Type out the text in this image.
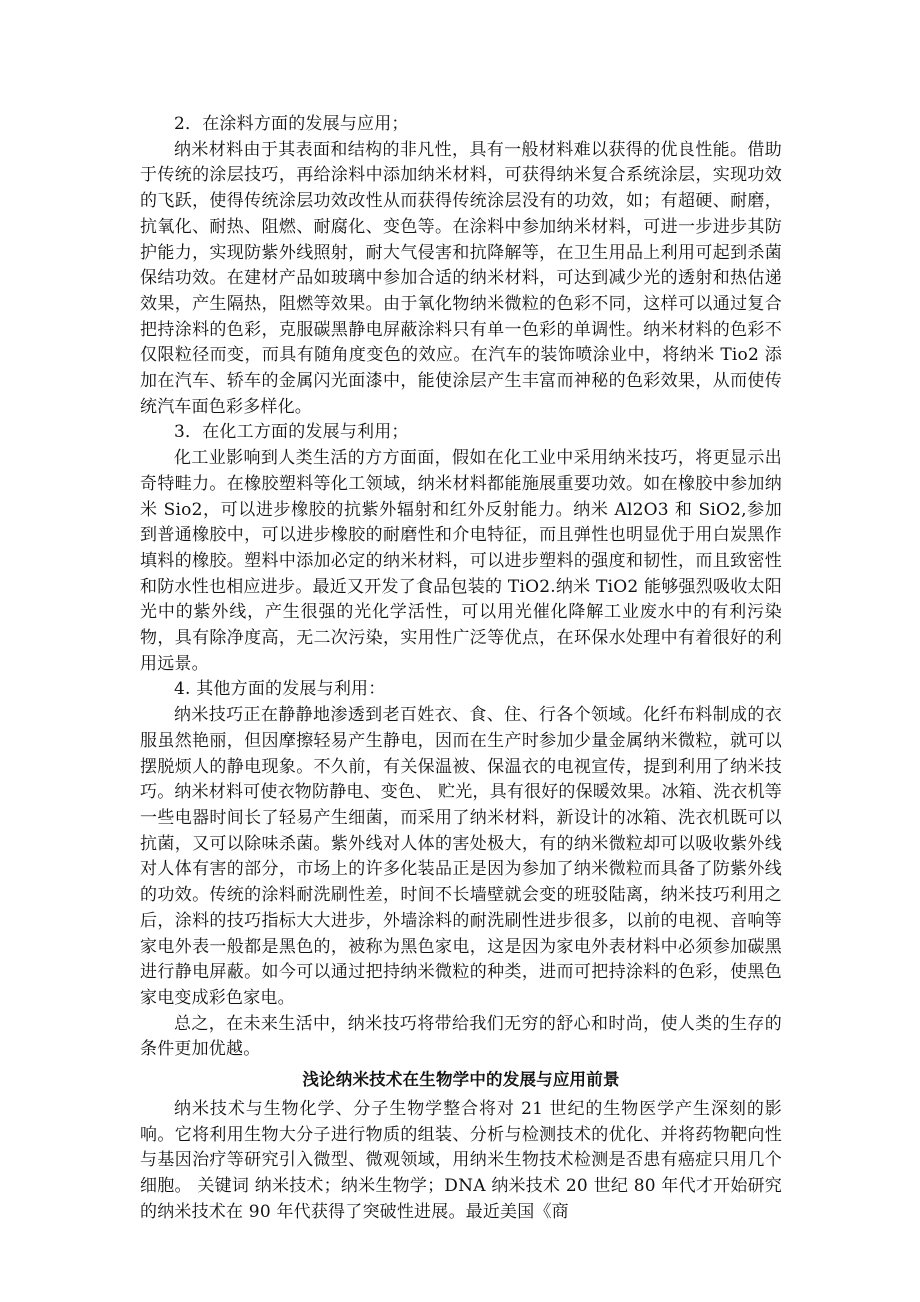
2．在涂料方面的发展与应用；

纳米材料由于其表面和结构的非凡性，具有一般材料难以获得的优良性能。借助于传统的涂层技巧，再给涂料中添加纳米材料，可获得纳米复合系统涂层，实现功效的飞跃，使得传统涂层功效改性从而获得传统涂层没有的功效，如；有超硬、耐磨，抗氧化、耐热、阻燃、耐腐化、变色等。在涂料中参加纳米材料，可进一步进步其防护能力，实现防紫外线照射，耐大气侵害和抗降解等，在卫生用品上利用可起到杀菌保结功效。在建材产品如玻璃中参加合适的纳米材料，可达到减少光的透射和热估递效果，产生隔热，阻燃等效果。由于氧化物纳米微粒的色彩不同，这样可以通过复合把持涂料的色彩，克服碳黑静电屏蔽涂料只有单一色彩的单调性。纳米材料的色彩不仅限粒径而变，而具有随角度变色的效应。在汽车的装饰喷涂业中，将纳米 Tio2 添加在汽车、轿车的金属闪光面漆中，能使涂层产生丰富而神秘的色彩效果，从而使传统汽车面色彩多样化。

3．在化工方面的发展与利用；

化工业影响到人类生活的方方面面，假如在化工业中采用纳米技巧，将更显示出奇特畦力。在橡胶塑料等化工领域，纳米材料都能施展重要功效。如在橡胶中参加纳米 Sio2，可以进步橡胶的抗紫外辐射和红外反射能力。纳米 Al2O3 和 SiO2,参加到普通橡胶中，可以进步橡胶的耐磨性和介电特征，而且弹性也明显优于用白炭黑作填料的橡胶。塑料中添加必定的纳米材料，可以进步塑料的强度和韧性，而且致密性和防水性也相应进步。最近又开发了食品包装的 TiO2.纳米 TiO2 能够强烈吸收太阳光中的紫外线，产生很强的光化学活性，可以用光催化降解工业废水中的有利污染物，具有除净度高，无二次污染，实用性广泛等优点，在环保水处理中有着很好的利用远景。

4. 其他方面的发展与利用：

纳米技巧正在静静地渗透到老百姓衣、食、住、行各个领域。化纤布料制成的衣服虽然艳丽，但因摩擦轻易产生静电，因而在生产时参加少量金属纳米微粒，就可以摆脱烦人的静电现象。不久前，有关保温被、保温衣的电视宣传，提到利用了纳米技巧。纳米材料可使衣物防静电、变色、 贮光，具有很好的保暖效果。冰箱、洗衣机等一些电器时间长了轻易产生细菌，而采用了纳米材料，新设计的冰箱、洗衣机既可以抗菌，又可以除味杀菌。紫外线对人体的害处极大，有的纳米微粒却可以吸收紫外线对人体有害的部分，市场上的许多化装品正是因为参加了纳米微粒而具备了防紫外线的功效。传统的涂料耐洗刷性差，时间不长墙壁就会变的班驳陆离，纳米技巧利用之后，涂料的技巧指标大大进步，外墙涂料的耐洗刷性进步很多，以前的电视、音响等家电外表一般都是黑色的，被称为黑色家电，这是因为家电外表材料中必须参加碳黑进行静电屏蔽。如今可以通过把持纳米微粒的种类，进而可把持涂料的色彩，使黑色家电变成彩色家电。

总之，在未来生活中，纳米技巧将带给我们无穷的舒心和时尚，使人类的生存的条件更加优越。

浅论纳米技术在生物学中的发展与应用前景

纳米技术与生物化学、分子生物学整合将对 21 世纪的生物医学产生深刻的影响。它将利用生物大分子进行物质的组装、分析与检测技术的优化、并将药物靶向性与基因治疗等研究引入微型、微观领域，用纳米生物技术检测是否患有癌症只用几个细胞。 关键词 纳米技术；纳米生物学；DNA 纳米技术 20 世纪 80 年代才开始研究的纳米技术在 90 年代获得了突破性进展。最近美国《商
